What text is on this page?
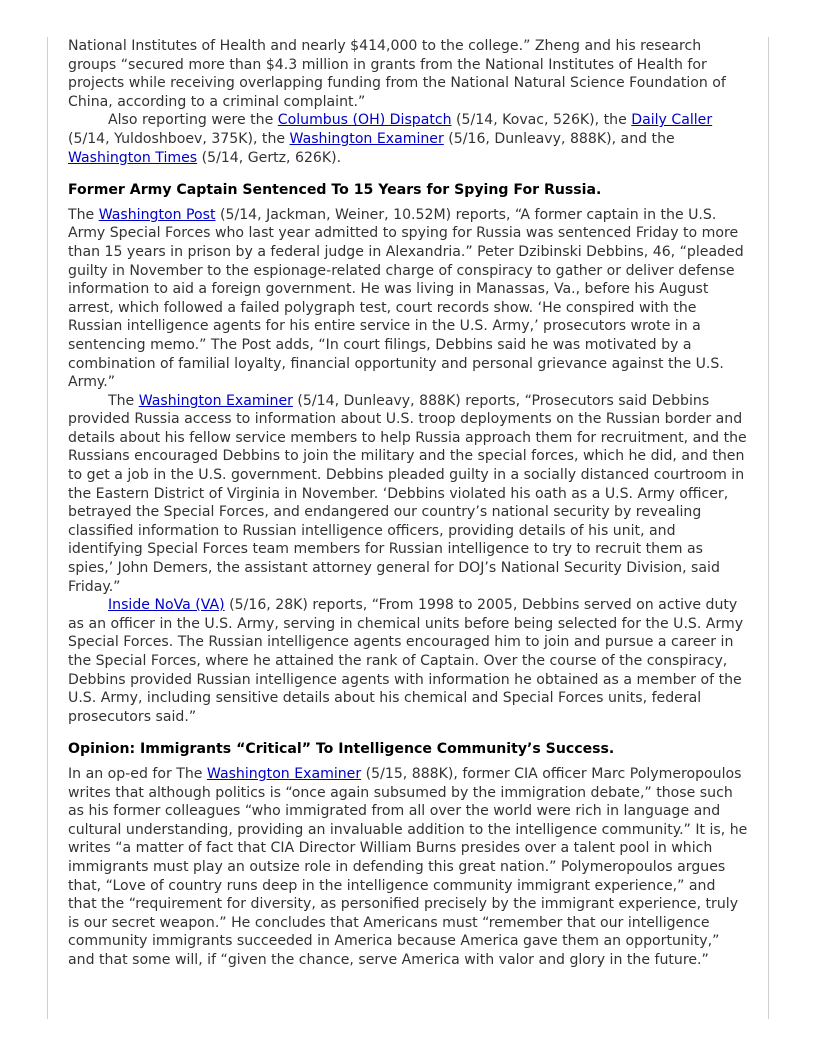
National Institutes of Health and nearly $414,000 to the college.” Zheng and his research groups “secured more than $4.3 million in grants from the National Institutes of Health for projects while receiving overlapping funding from the National Natural Science Foundation of China, according to a criminal complaint.”

Also reporting were the Columbus (OH) Dispatch (5/14, Kovac, 526K), the Daily Caller (5/14, Yuldoshboev, 375K), the Washington Examiner (5/16, Dunleavy, 888K), and the Washington Times (5/14, Gertz, 626K).

Former Army Captain Sentenced To 15 Years for Spying For Russia.

The Washington Post (5/14, Jackman, Weiner, 10.52M) reports, “A former captain in the U.S. Army Special Forces who last year admitted to spying for Russia was sentenced Friday to more than 15 years in prison by a federal judge in Alexandria.” Peter Dzibinski Debbins, 46, “pleaded guilty in November to the espionage-related charge of conspiracy to gather or deliver defense information to aid a foreign government. He was living in Manassas, Va., before his August arrest, which followed a failed polygraph test, court records show. ‘He conspired with the Russian intelligence agents for his entire service in the U.S. Army,’ prosecutors wrote in a sentencing memo.” The Post adds, “In court filings, Debbins said he was motivated by a combination of familial loyalty, financial opportunity and personal grievance against the U.S. Army.”

The Washington Examiner (5/14, Dunleavy, 888K) reports, “Prosecutors said Debbins provided Russia access to information about U.S. troop deployments on the Russian border and details about his fellow service members to help Russia approach them for recruitment, and the Russians encouraged Debbins to join the military and the special forces, which he did, and then to get a job in the U.S. government. Debbins pleaded guilty in a socially distanced courtroom in the Eastern District of Virginia in November. ‘Debbins violated his oath as a U.S. Army officer, betrayed the Special Forces, and endangered our country’s national security by revealing classified information to Russian intelligence officers, providing details of his unit, and identifying Special Forces team members for Russian intelligence to try to recruit them as spies,’ John Demers, the assistant attorney general for DOJ’s National Security Division, said Friday.”

Inside NoVa (VA) (5/16, 28K) reports, “From 1998 to 2005, Debbins served on active duty as an officer in the U.S. Army, serving in chemical units before being selected for the U.S. Army Special Forces. The Russian intelligence agents encouraged him to join and pursue a career in the Special Forces, where he attained the rank of Captain. Over the course of the conspiracy, Debbins provided Russian intelligence agents with information he obtained as a member of the U.S. Army, including sensitive details about his chemical and Special Forces units, federal prosecutors said.”

Opinion: Immigrants “Critical” To Intelligence Community’s Success.

In an op-ed for The Washington Examiner (5/15, 888K), former CIA officer Marc Polymeropoulos writes that although politics is “once again subsumed by the immigration debate,” those such as his former colleagues “who immigrated from all over the world were rich in language and cultural understanding, providing an invaluable addition to the intelligence community.” It is, he writes “a matter of fact that CIA Director William Burns presides over a talent pool in which immigrants must play an outsize role in defending this great nation.” Polymeropoulos argues that, “Love of country runs deep in the intelligence community immigrant experience,” and that the “requirement for diversity, as personified precisely by the immigrant experience, truly is our secret weapon.” He concludes that Americans must “remember that our intelligence community immigrants succeeded in America because America gave them an opportunity,” and that some will, if “given the chance, serve America with valor and glory in the future.”
